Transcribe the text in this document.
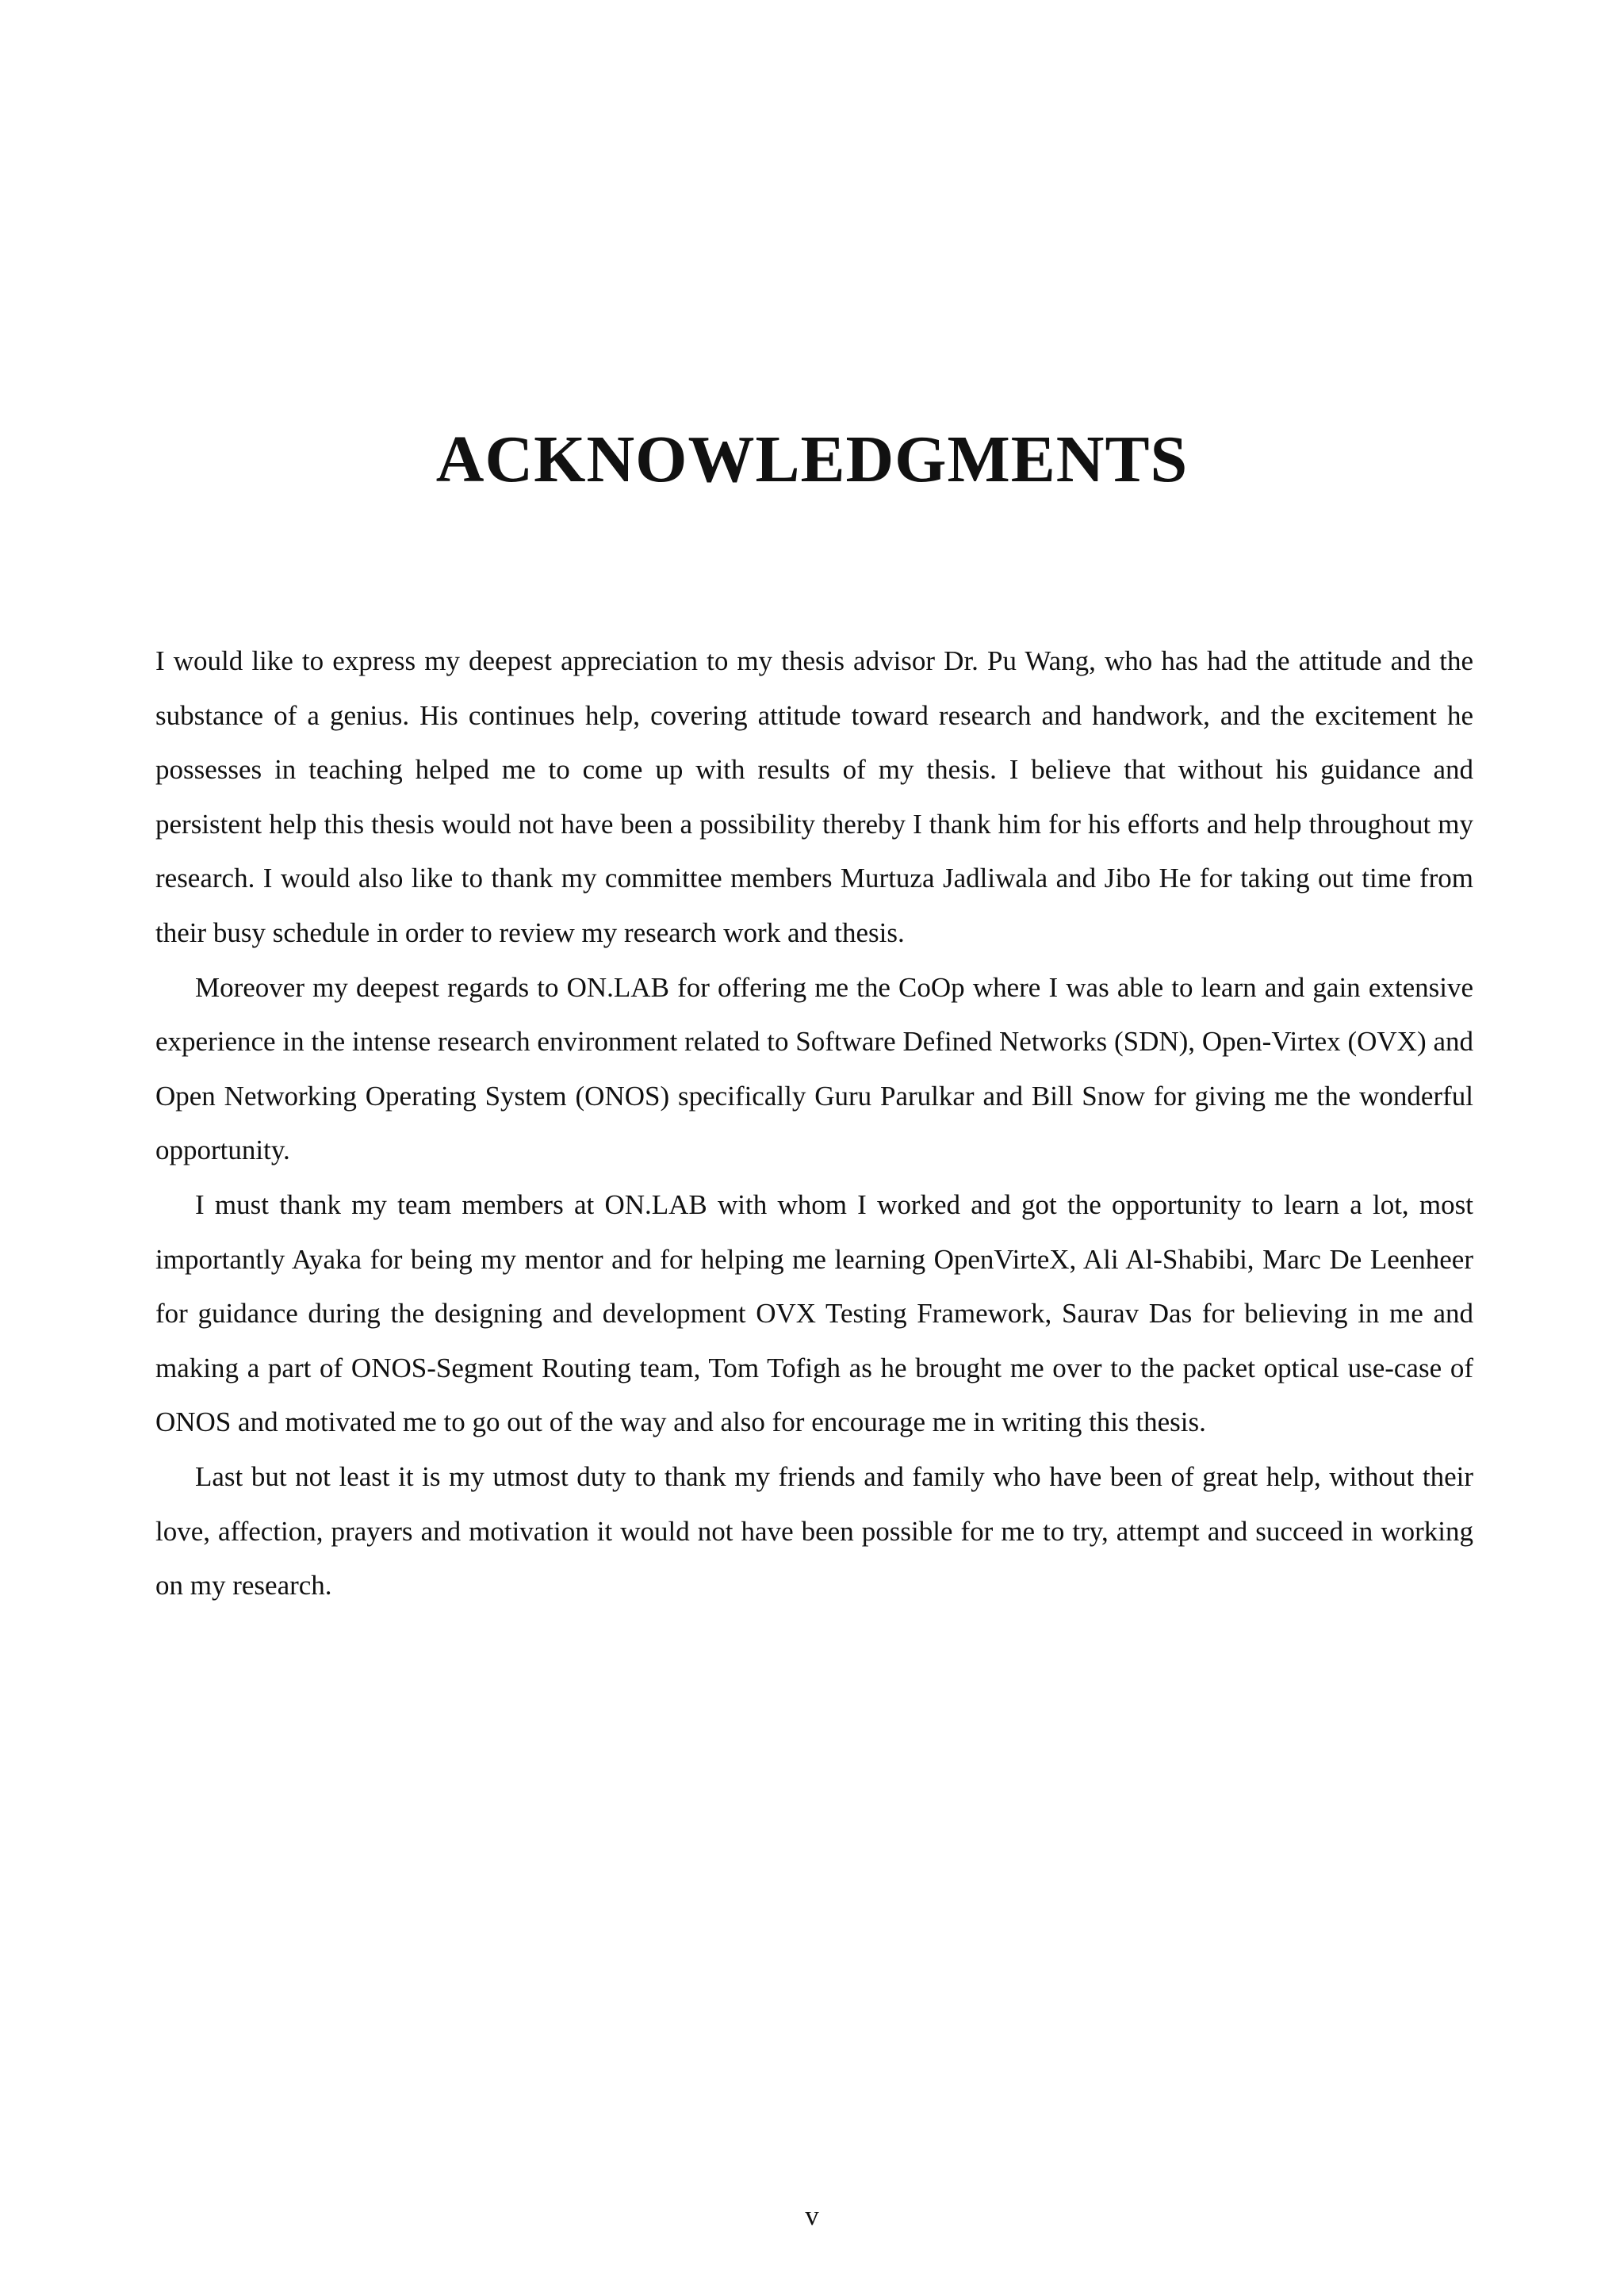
ACKNOWLEDGMENTS

I would like to express my deepest appreciation to my thesis advisor Dr. Pu Wang, who has had the attitude and the substance of a genius. His continues help, covering attitude toward research and handwork, and the excitement he possesses in teaching helped me to come up with results of my thesis. I believe that without his guidance and persistent help this thesis would not have been a possibility thereby I thank him for his efforts and help throughout my research. I would also like to thank my committee members Murtuza Jadliwala and Jibo He for taking out time from their busy schedule in order to review my research work and thesis.

Moreover my deepest regards to ON.LAB for offering me the CoOp where I was able to learn and gain extensive experience in the intense research environment related to Software Defined Networks (SDN), Open-Virtex (OVX) and Open Networking Operating System (ONOS) specifically Guru Parulkar and Bill Snow for giving me the wonderful opportunity.

I must thank my team members at ON.LAB with whom I worked and got the opportunity to learn a lot, most importantly Ayaka for being my mentor and for helping me learning OpenVirteX, Ali Al-Shabibi, Marc De Leenheer for guidance during the designing and development OVX Testing Framework, Saurav Das for believing in me and making a part of ONOS-Segment Routing team, Tom Tofigh as he brought me over to the packet optical use-case of ONOS and motivated me to go out of the way and also for encourage me in writing this thesis.

Last but not least it is my utmost duty to thank my friends and family who have been of great help, without their love, affection, prayers and motivation it would not have been possible for me to try, attempt and succeed in working on my research.

v
